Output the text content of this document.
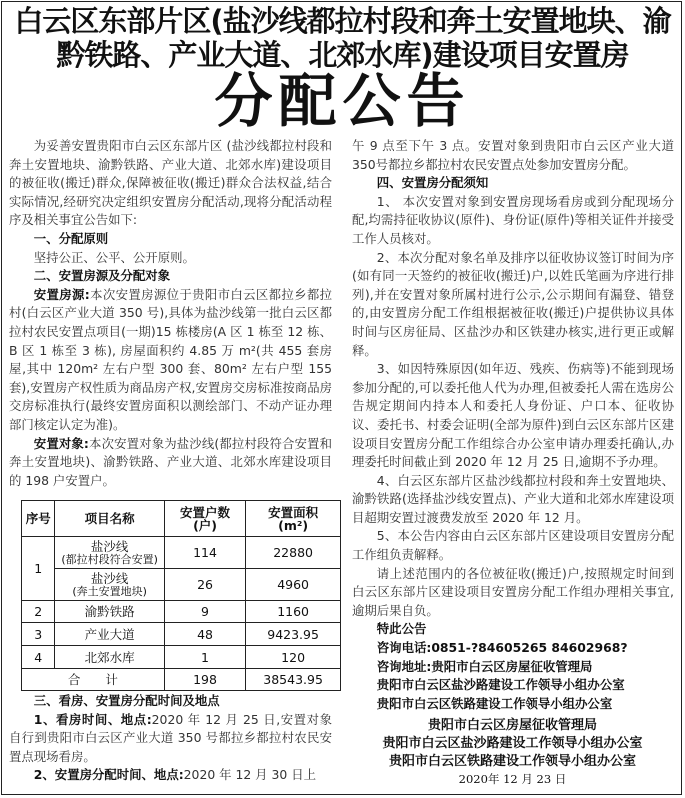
白云区东部片区(盐沙线都拉村段和奔土安置地块、渝
黔铁路、产业大道、北郊水库)建设项目安置房
分配公告

为妥善安置贵阳市白云区东部片区 (盐沙线都拉村段和奔土安置地块、渝黔铁路、产业大道、北郊水库)建设项目的被征收(搬迁)群众,保障被征收(搬迁)群众合法权益,结合实际情况,经研究决定组织安置房分配活动,现将分配活动程序及相关事宜公告如下:

一、分配原则

坚持公正、公平、公开原则。

二、安置房源及分配对象

安置房源:本次安置房源位于贵阳市白云区都拉乡都拉村(白云区产业大道 350 号),具体为盐沙线第一批白云区都拉村农民安置点项目(一期)15 栋楼房(A 区 1 栋至 12 栋、B 区 1 栋至 3 栋), 房屋面积约 4.85 万 m²(共 455 套房屋,其中 120m² 左右户型 300 套、80m² 左右户型 155 套),安置房产权性质为商品房产权,安置房交房标准按商品房交房标准执行(最终安置房面积以测绘部门、不动产证办理部门核定认定为准)。

安置对象:本次安置对象为盐沙线(都拉村段符合安置和奔土安置地块)、渝黔铁路、产业大道、北郊水库建设项目的 198 户安置户。

序号	项目名称	安置户数(户)	安置面积(m²)
1	盐沙线
(都拉村段符合安置)	114	22880
	盐沙线
(奔土安置地块)	26	4960
2	渝黔铁路	9	1160
3	产业大道	48	9423.95
4	北郊水库	1	120
合　　计		198	38543.95

三、看房、安置房分配时间及地点

1、看房时间、地点:2020 年 12 月 25 日,安置对象自行到贵阳市白云区产业大道 350 号都拉乡都拉村农民安置点现场看房。

2、安置房分配时间、地点:2020 年 12 月 30 日上

午 9 点至下午 3 点。安置对象到贵阳市白云区产业大道 350号都拉乡都拉村农民安置点处参加安置房分配。

四、安置房分配须知

1、 本次安置对象到安置房现场看房或到分配现场分配,均需持征收协议(原件)、身份证(原件)等相关证件并接受工作人员核对。

2、本次分配对象名单及排序以征收协议签订时间为序(如有同一天签约的被征收(搬迁)户,以姓氏笔画为序进行排列),并在安置对象所属村进行公示,公示期间有漏登、错登的,由安置房分配工作组根据被征收(搬迁)户提供协议具体时间与区房征局、区盐沙办和区铁建办核实,进行更正或解释。

3、如因特殊原因(如年迈、残疾、伤病等)不能到现场参加分配的,可以委托他人代为办理,但被委托人需在选房公告规定期间内持本人和委托人身份证、户口本、征收协议、委托书、村委会证明(全部为原件)到白云区东部片区建设项目安置房分配工作组综合办公室申请办理委托确认,办理委托时间截止到 2020 年 12 月 25 日,逾期不予办理。

4、白云区东部片区盐沙线都拉村段和奔土安置地块、渝黔铁路(选择盐沙线安置点)、产业大道和北郊水库建设项目超期安置过渡费发放至 2020 年 12 月。

5、本公告内容由白云区东部片区建设项目安置房分配工作组负责解释。

请上述范围内的各位被征收(搬迁)户,按照规定时间到白云区东部片区建设项目安置房分配工作组办理相关事宜,逾期后果自负。

特此公告

咨询电话:0851-?84605265 84602968?

咨询地址:贵阳市白云区房屋征收管理局

贵阳市白云区盐沙路建设工作领导小组办公室

贵阳市白云区铁路建设工作领导小组办公室

贵阳市白云区房屋征收管理局
贵阳市白云区盐沙路建设工作领导小组办公室
贵阳市白云区铁路建设工作领导小组办公室
2020年 12 月 23 日
